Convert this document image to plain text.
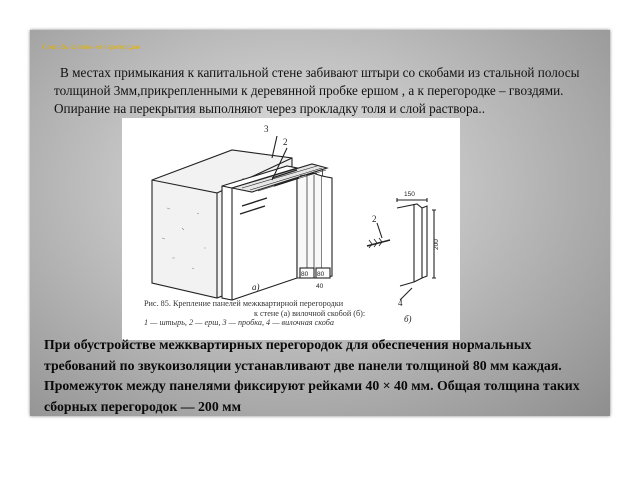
Способы крепления перегородок

В местах примыкания к капитальной стене забивают штыри со скобами из стальной полосы толщиной 3мм,прикрепленными к деревянной пробке ершом , а к перегородке – гвоздями. Опирание на перекрытия выполняют через прокладку толя и слой раствора..

3
2
1
2
4
а)
б)
80 80
40
150
200
Рис. 85. Крепление панелей межквартирной перегородки
к стене (а) вилочной скобой (б):
1 — штырь, 2 — ерш, 3 — пробка, 4 — вилочная скоба

При обустройстве межквартирных перегородок для обеспечения нормальных требований по звукоизоляции устанавливают две панели толщиной 80 мм каждая. Промежуток между панелями фиксируют рейками 40 × 40 мм. Общая толщина таких сборных перегородок — 200 мм
